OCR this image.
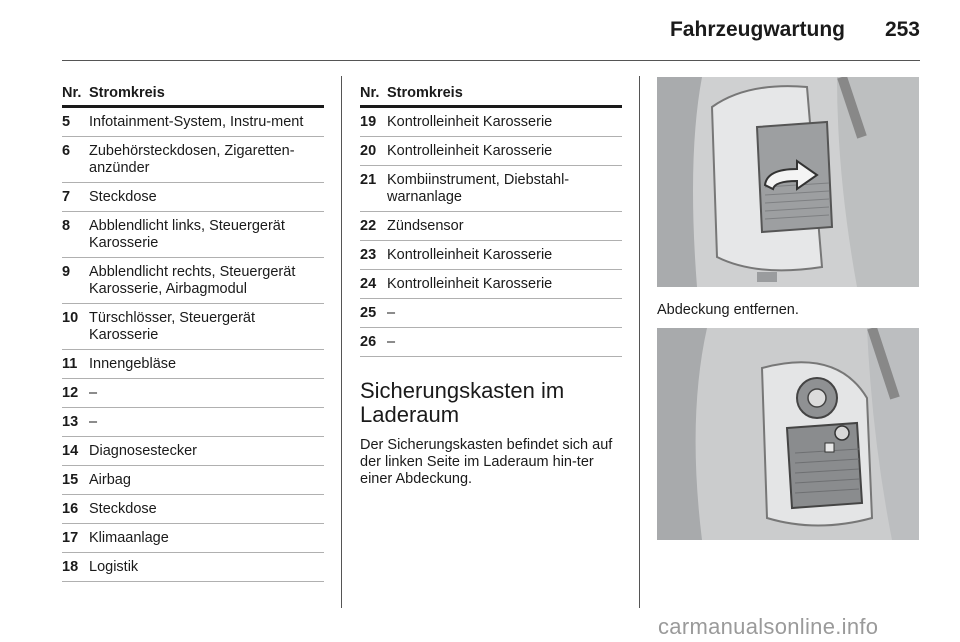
Fahrzeugwartung 253
Nr. Stromkreis
5	Infotainment-System, Instru-ment
6	Zubehörsteckdosen, Zigaretten-anzünder
7	Steckdose
8	Abblendlicht links, Steuergerät Karosserie
9	Abblendlicht rechts, Steuergerät Karosserie, Airbagmodul
10 Türschlösser, Steuergerät Karosserie
11 Innengebläse
12 –
13 –
14 Diagnosestecker
15 Airbag
16 Steckdose
17 Klimaanlage
18 Logistik
Nr. Stromkreis
19 Kontrolleinheit Karosserie
20 Kontrolleinheit Karosserie
21 Kombiinstrument, Diebstahl-warnanlage
22 Zündsensor
23 Kontrolleinheit Karosserie
24 Kontrolleinheit Karosserie
25 –
26 –
Sicherungskasten im Laderaum
Der Sicherungskasten befindet sich auf der linken Seite im Laderaum hin-ter einer Abdeckung.
Abdeckung entfernen.
carmanualsonline.info
